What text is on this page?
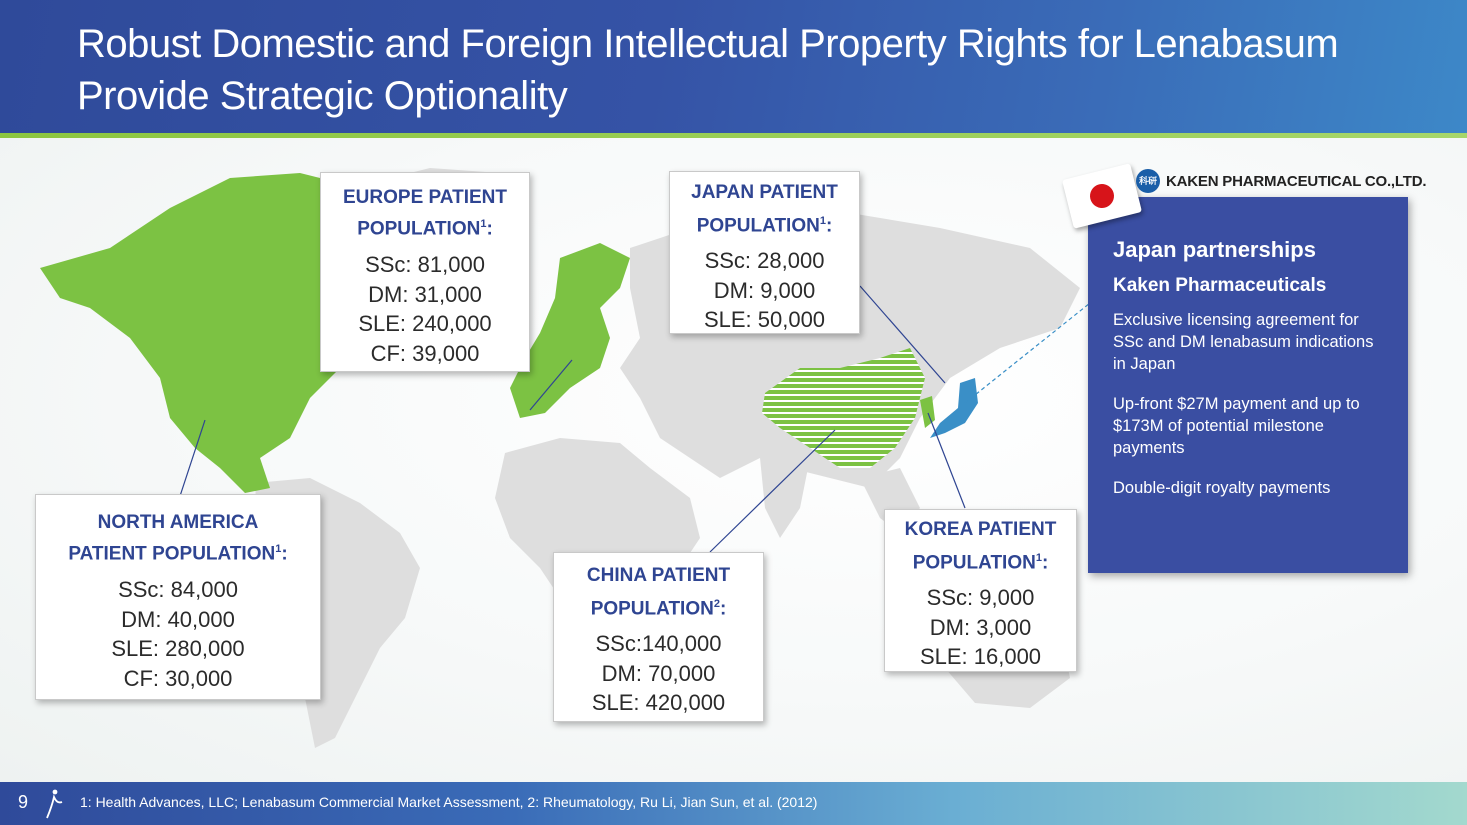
Robust Domestic and Foreign Intellectual Property Rights for Lenabasum
Provide Strategic Optionality
EUROPE PATIENT
POPULATION$^1$:
SSc: 81,000
DM: 31,000
SLE: 240,000
CF: 39,000
JAPAN PATIENT
POPULATION$^1$:
SSc: 28,000
DM: 9,000
SLE: 50,000
NORTH AMERICA
PATIENT POPULATION$^1$:
SSc: 84,000
DM: 40,000
SLE: 280,000
CF: 30,000
CHINA PATIENT
POPULATION$^2$:
SSc:140,000
DM: 70,000
SLE: 420,000
KOREA PATIENT
POPULATION$^1$:
SSc: 9,000
DM: 3,000
SLE: 16,000
Japan partnerships
Kaken Pharmaceuticals

Exclusive licensing agreement for SSc and DM lenabasum indications in Japan

Up-front $27M payment and up to $173M of potential milestone payments

Double-digit royalty payments

科研 KAKEN PHARMACEUTICAL CO.,LTD.
9	1: Health Advances, LLC; Lenabasum Commercial Market Assessment, 2: Rheumatology, Ru Li, Jian Sun, et al. (2012)
